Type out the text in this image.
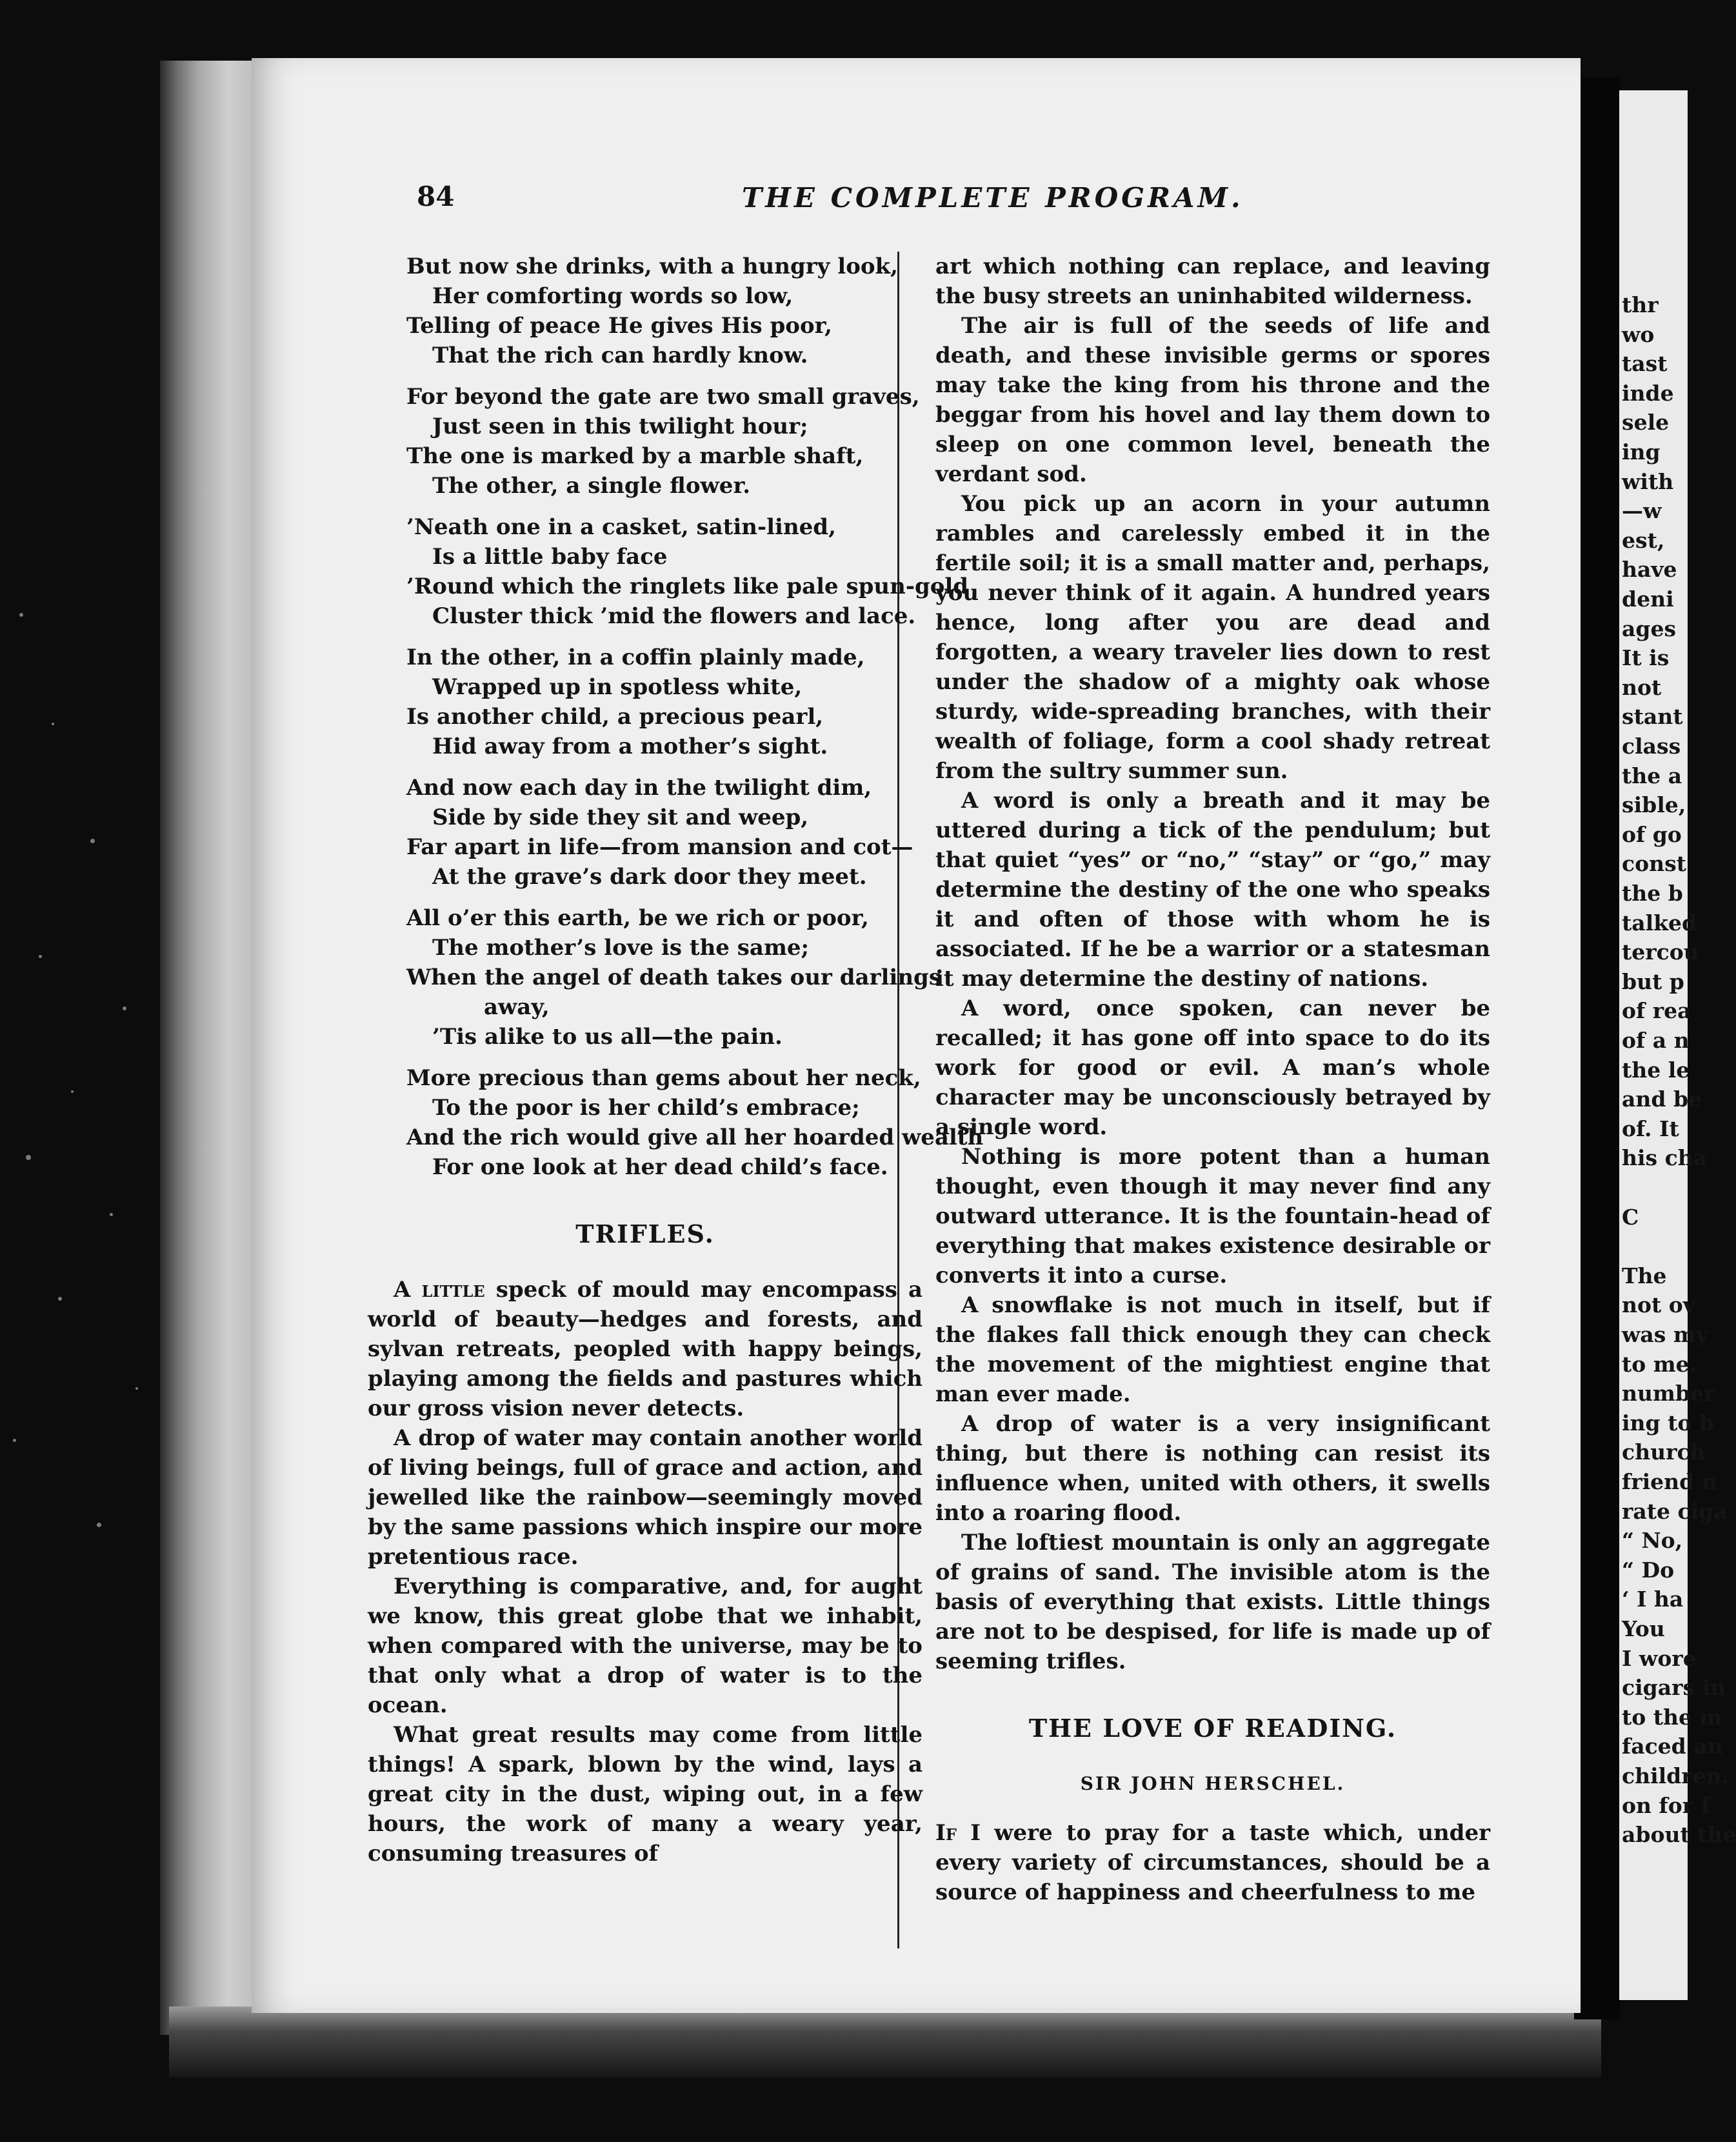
84	THE COMPLETE PROGRAM.
But now she drinks, with a hungry look,
Her comforting words so low,
Telling of peace He gives His poor,
That the rich can hardly know.
For beyond the gate are two small graves,
Just seen in this twilight hour;
The one is marked by a marble shaft,
The other, a single flower.
’Neath one in a casket, satin-lined,
Is a little baby face
’Round which the ringlets like pale spun-gold
Cluster thick ’mid the flowers and lace.
In the other, in a coffin plainly made,
Wrapped up in spotless white,
Is another child, a precious pearl,
Hid away from a mother’s sight.
And now each day in the twilight dim,
Side by side they sit and weep,
Far apart in life—from mansion and cot—
At the grave’s dark door they meet.
All o’er this earth, be we rich or poor,
The mother’s love is the same;
When the angel of death takes our darlings
away,
’Tis alike to us all—the pain.
More precious than gems about her neck,
To the poor is her child’s embrace;
And the rich would give all her hoarded wealth
For one look at her dead child’s face.
TRIFLES.

A little speck of mould may encompass a world of beauty—hedges and forests, and sylvan retreats, peopled with happy beings, playing among the fields and pastures which our gross vision never detects.

A drop of water may contain another world of living beings, full of grace and action, and jewelled like the rainbow—seemingly moved by the same passions which inspire our more pretentious race.

Everything is comparative, and, for aught we know, this great globe that we inhabit, when compared with the universe, may be to that only what a drop of water is to the ocean.

What great results may come from little things! A spark, blown by the wind, lays a great city in the dust, wiping out, in a few hours, the work of many a weary year, consuming treasures of

art which nothing can replace, and leaving the busy streets an uninhabited wilderness.

The air is full of the seeds of life and death, and these invisible germs or spores may take the king from his throne and the beggar from his hovel and lay them down to sleep on one common level, beneath the verdant sod.

You pick up an acorn in your autumn rambles and carelessly embed it in the fertile soil; it is a small matter and, perhaps, you never think of it again. A hundred years hence, long after you are dead and forgotten, a weary traveler lies down to rest under the shadow of a mighty oak whose sturdy, wide-spreading branches, with their wealth of foliage, form a cool shady retreat from the sultry summer sun.

A word is only a breath and it may be uttered during a tick of the pendulum; but that quiet “yes” or “no,” “stay” or “go,” may determine the destiny of the one who speaks it and often of those with whom he is associated. If he be a warrior or a statesman it may determine the destiny of nations.

A word, once spoken, can never be recalled; it has gone off into space to do its work for good or evil. A man’s whole character may be unconsciously betrayed by a single word.

Nothing is more potent than a human thought, even though it may never find any outward utterance. It is the fountain-head of everything that makes existence desirable or converts it into a curse.

A snowflake is not much in itself, but if the flakes fall thick enough they can check the movement of the mightiest engine that man ever made.

A drop of water is a very insignificant thing, but there is nothing can resist its influence when, united with others, it swells into a roaring flood.

The loftiest mountain is only an aggregate of grains of sand. The invisible atom is the basis of everything that exists. Little things are not to be despised, for life is made up of seeming trifles.

THE LOVE OF READING.
SIR JOHN HERSCHEL.

If I were to pray for a taste which, under every variety of circumstances, should be a source of happiness and cheerfulness to me

thr
wo
tast
inde
sele
ing
with
—w
est,
have
deni
ages
It is
not
stant
class
the a
sible,
of go
const
the b
talked
tercou
but p
of rea
of a n
the le
and be
of. It
his cha
C
The
not ov
was my
to me.
number
ing to b
church
friend n
rate ciga
“ No,
“ Do
‘ I ha
You
I wore
cigars in
to the m
faced an
children.
on for f
about the
